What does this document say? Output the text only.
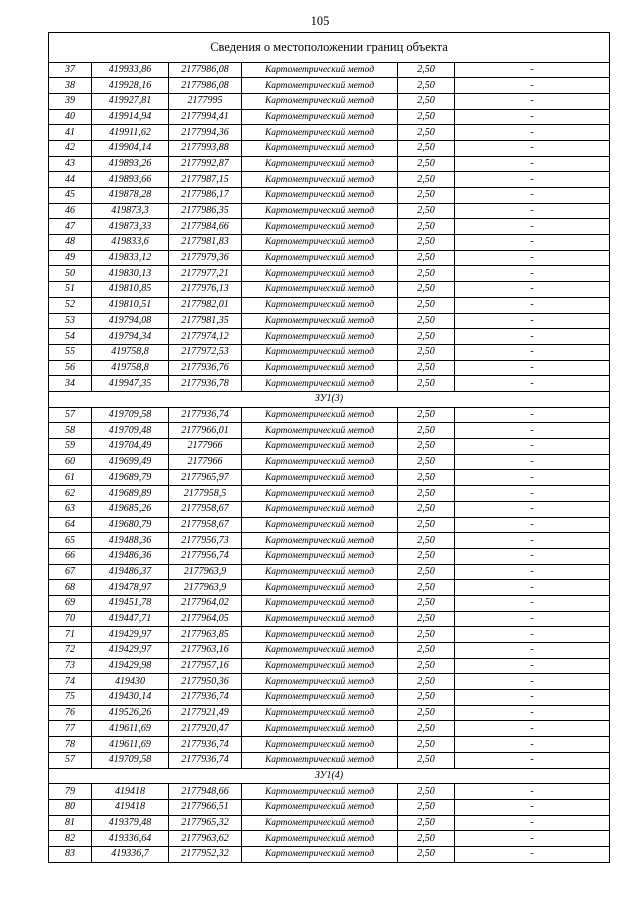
105
Сведения о местоположении границ объекта					
37	419933,86	2177986,08	Картометрический метод	2,50	-
38	419928,16	2177986,08	Картометрический метод	2,50	-
39	419927,81	2177995	Картометрический метод	2,50	-
40	419914,94	2177994,41	Картометрический метод	2,50	-
41	419911,62	2177994,36	Картометрический метод	2,50	-
42	419904,14	2177993,88	Картометрический метод	2,50	-
43	419893,26	2177992,87	Картометрический метод	2,50	-
44	419893,66	2177987,15	Картометрический метод	2,50	-
45	419878,28	2177986,17	Картометрический метод	2,50	-
46	419873,3	2177986,35	Картометрический метод	2,50	-
47	419873,33	2177984,66	Картометрический метод	2,50	-
48	419833,6	2177981,83	Картометрический метод	2,50	-
49	419833,12	2177979,36	Картометрический метод	2,50	-
50	419830,13	2177977,21	Картометрический метод	2,50	-
51	419810,85	2177976,13	Картометрический метод	2,50	-
52	419810,51	2177982,01	Картометрический метод	2,50	-
53	419794,08	2177981,35	Картометрический метод	2,50	-
54	419794,34	2177974,12	Картометрический метод	2,50	-
55	419758,8	2177972,53	Картометрический метод	2,50	-
56	419758,8	2177936,76	Картометрический метод	2,50	-
34	419947,35	2177936,78	Картометрический метод	2,50	-
ЗУ1(3)					
57	419709,58	2177936,74	Картометрический метод	2,50	-
58	419709,48	2177966,01	Картометрический метод	2,50	-
59	419704,49	2177966	Картометрический метод	2,50	-
60	419699,49	2177966	Картометрический метод	2,50	-
61	419689,79	2177965,97	Картометрический метод	2,50	-
62	419689,89	2177958,5	Картометрический метод	2,50	-
63	419685,26	2177958,67	Картометрический метод	2,50	-
64	419680,79	2177958,67	Картометрический метод	2,50	-
65	419488,36	2177956,73	Картометрический метод	2,50	-
66	419486,36	2177956,74	Картометрический метод	2,50	-
67	419486,37	2177963,9	Картометрический метод	2,50	-
68	419478,97	2177963,9	Картометрический метод	2,50	-
69	419451,78	2177964,02	Картометрический метод	2,50	-
70	419447,71	2177964,05	Картометрический метод	2,50	-
71	419429,97	2177963,85	Картометрический метод	2,50	-
72	419429,97	2177963,16	Картометрический метод	2,50	-
73	419429,98	2177957,16	Картометрический метод	2,50	-
74	419430	2177950,36	Картометрический метод	2,50	-
75	419430,14	2177936,74	Картометрический метод	2,50	-
76	419526,26	2177921,49	Картометрический метод	2,50	-
77	419611,69	2177920,47	Картометрический метод	2,50	-
78	419611,69	2177936,74	Картометрический метод	2,50	-
57	419709,58	2177936,74	Картометрический метод	2,50	-
ЗУ1(4)					
79	419418	2177948,66	Картометрический метод	2,50	-
80	419418	2177966,51	Картометрический метод	2,50	-
81	419379,48	2177965,32	Картометрический метод	2,50	-
82	419336,64	2177963,62	Картометрический метод	2,50	-
83	419336,7	2177952,32	Картометрический метод	2,50	-
